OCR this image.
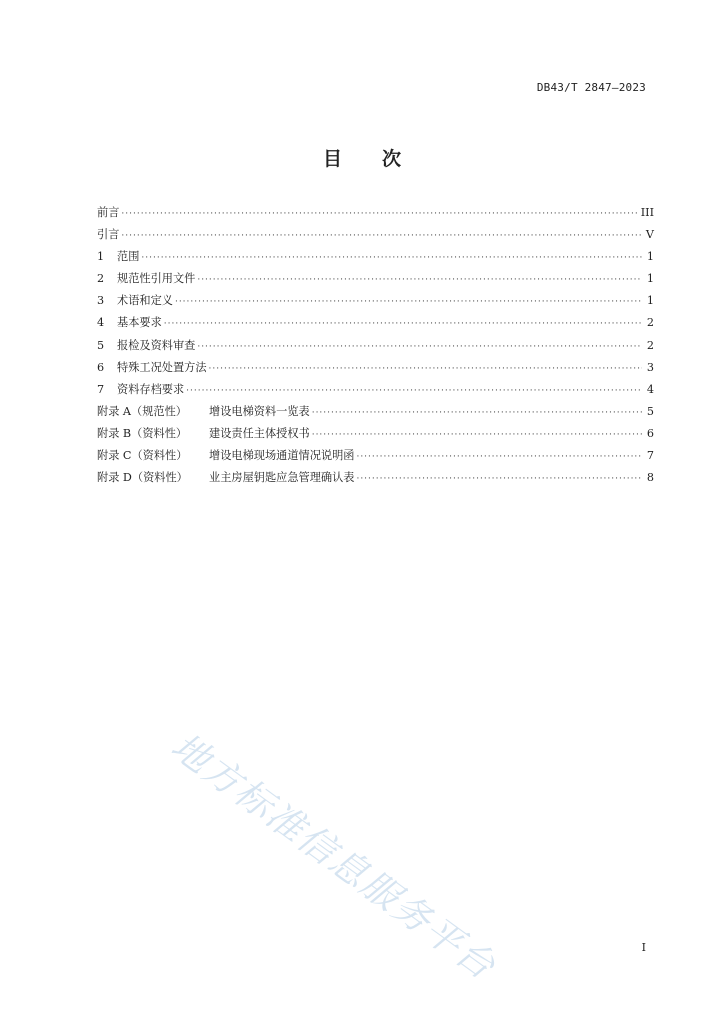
DB43/T 2847—2023
目 次
前言 ·····	III
引言 ·····	V
1	范围 ·····	1
2	规范性引用文件 ·····	1
3	术语和定义 ·····	1
4	基本要求 ·····	2
5	报检及资料审查 ·····	2
6	特殊工况处置方法 ·····	3
7	资料存档要求 ·····	4
附录 A（规范性）	增设电梯资料一览表 ·····	5
附录 B（资料性）	建设责任主体授权书 ·····	6
附录 C（资料性）	增设电梯现场通道情况说明函 ·····	7
附录 D（资料性）	业主房屋钥匙应急管理确认表 ·····	8
地方标准信息服务平台	I
